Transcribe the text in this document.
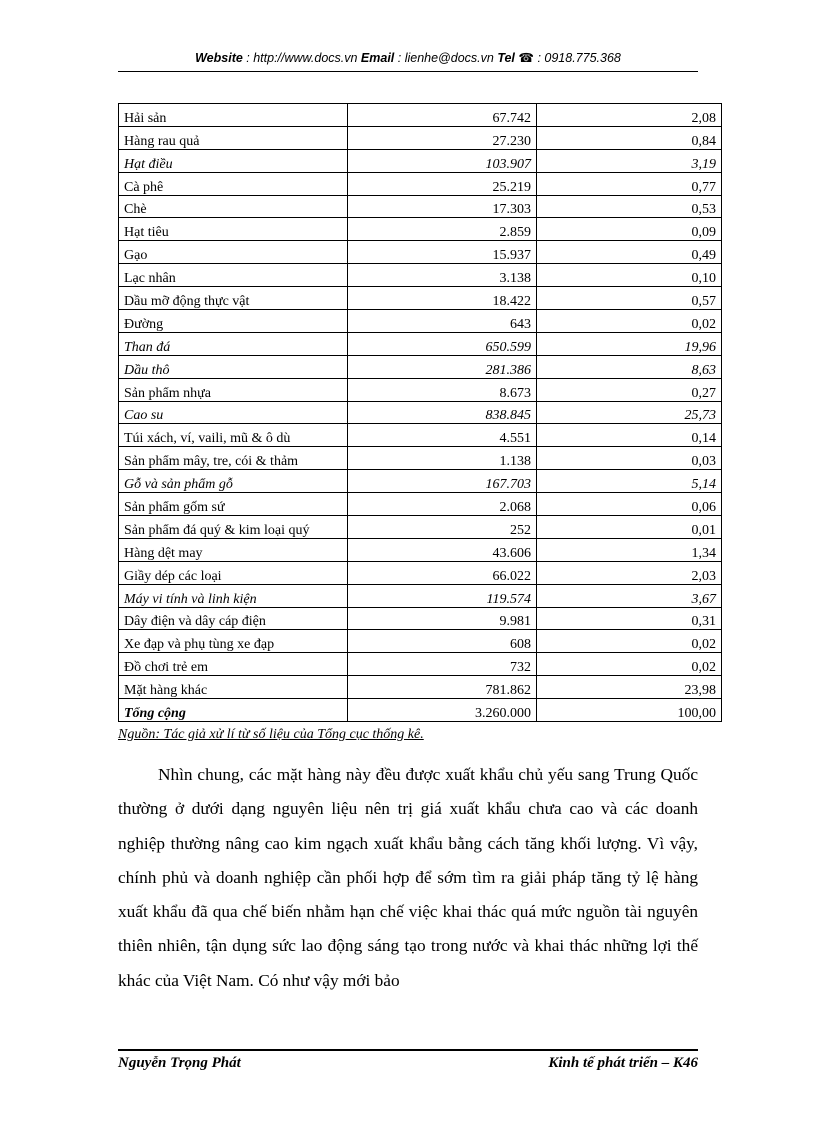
Website : http://www.docs.vn Email : lienhe@docs.vn Tel ☎ : 0918.775.368
Hải sản	67.742	2,08
Hàng rau quả	27.230	0,84
Hạt điều	103.907	3,19
Cà phê	25.219	0,77
Chè	17.303	0,53
Hạt tiêu	2.859	0,09
Gạo	15.937	0,49
Lạc nhân	3.138	0,10
Dầu mỡ động thực vật	18.422	0,57
Đường	643	0,02
Than đá	650.599	19,96
Dầu thô	281.386	8,63
Sản phẩm nhựa	8.673	0,27
Cao su	838.845	25,73
Túi xách, ví, vaili, mũ & ô dù	4.551	0,14
Sản phẩm mây, tre, cói & thảm	1.138	0,03
Gỗ và sản phẩm gỗ	167.703	5,14
Sản phẩm gốm sứ	2.068	0,06
Sản phẩm đá quý & kim loại quý	252	0,01
Hàng dệt may	43.606	1,34
Giầy dép các loại	66.022	2,03
Máy vi tính và linh kiện	119.574	3,67
Dây điện và dây cáp điện	9.981	0,31
Xe đạp và phụ tùng xe đạp	608	0,02
Đồ chơi trẻ em	732	0,02
Mặt hàng khác	781.862	23,98
Tổng cộng	3.260.000	100,00
Nguồn: Tác giả xử lí từ số liệu của Tổng cục thống kê.

Nhìn chung, các mặt hàng này đều được xuất khẩu chủ yếu sang Trung Quốc thường ở dưới dạng nguyên liệu nên trị giá xuất khẩu chưa cao và các doanh nghiệp thường nâng cao kim ngạch xuất khẩu bằng cách tăng khối lượng. Vì vậy, chính phủ và doanh nghiệp cần phối hợp để sớm tìm ra giải pháp tăng tỷ lệ hàng xuất khẩu đã qua chế biến nhằm hạn chế việc khai thác quá mức nguồn tài nguyên thiên nhiên, tận dụng sức lao động sáng tạo trong nước và khai thác những lợi thế khác của Việt Nam. Có như vậy mới bảo

Nguyễn Trọng Phát	Kinh tế phát triển – K46
